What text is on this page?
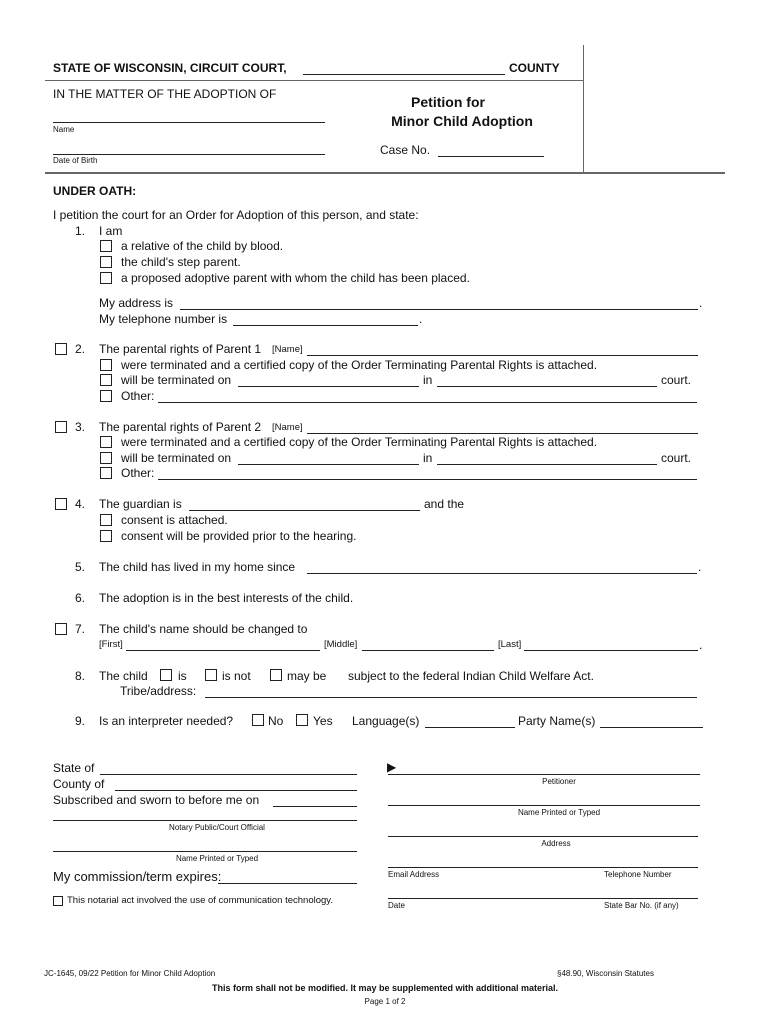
STATE OF WISCONSIN, CIRCUIT COURT,	COUNTY
IN THE MATTER OF THE ADOPTION OF
Name
Date of Birth
Petition for
Minor Child Adoption
Case No.
UNDER OATH:
I petition the court for an Order for Adoption of this person, and state:
1. I am
a relative of the child by blood.
the child's step parent.
a proposed adoptive parent with whom the child has been placed.
My address is	.
My telephone number is	.
2. The parental rights of Parent 1 [Name]
were terminated and a certified copy of the Order Terminating Parental Rights is attached.
will be terminated on	in	court.
Other:
3. The parental rights of Parent 2 [Name]
were terminated and a certified copy of the Order Terminating Parental Rights is attached.
will be terminated on	in	court.
Other:
4. The guardian is	and the
consent is attached.
consent will be provided prior to the hearing.
5. The child has lived in my home since	.
6. The adoption is in the best interests of the child.
7. The child's name should be changed to
[First]	[Middle]	[Last]	.
8. The child	is	is not	may be subject to the federal Indian Child Welfare Act.
Tribe/address:
9. Is an interpreter needed?	No Yes Language(s)	Party Name(s)
State of
County of
Subscribed and sworn to before me on
Notary Public/Court Official
Name Printed or Typed
My commission/term expires:
This notarial act involved the use of communication technology.
▶
Petitioner
Name Printed or Typed
Address
Email Address	Telephone Number
Date	State Bar No. (if any)
JC-1645, 09/22 Petition for Minor Child Adoption	§48.90, Wisconsin Statutes
This form shall not be modified. It may be supplemented with additional material.
Page 1 of 2
